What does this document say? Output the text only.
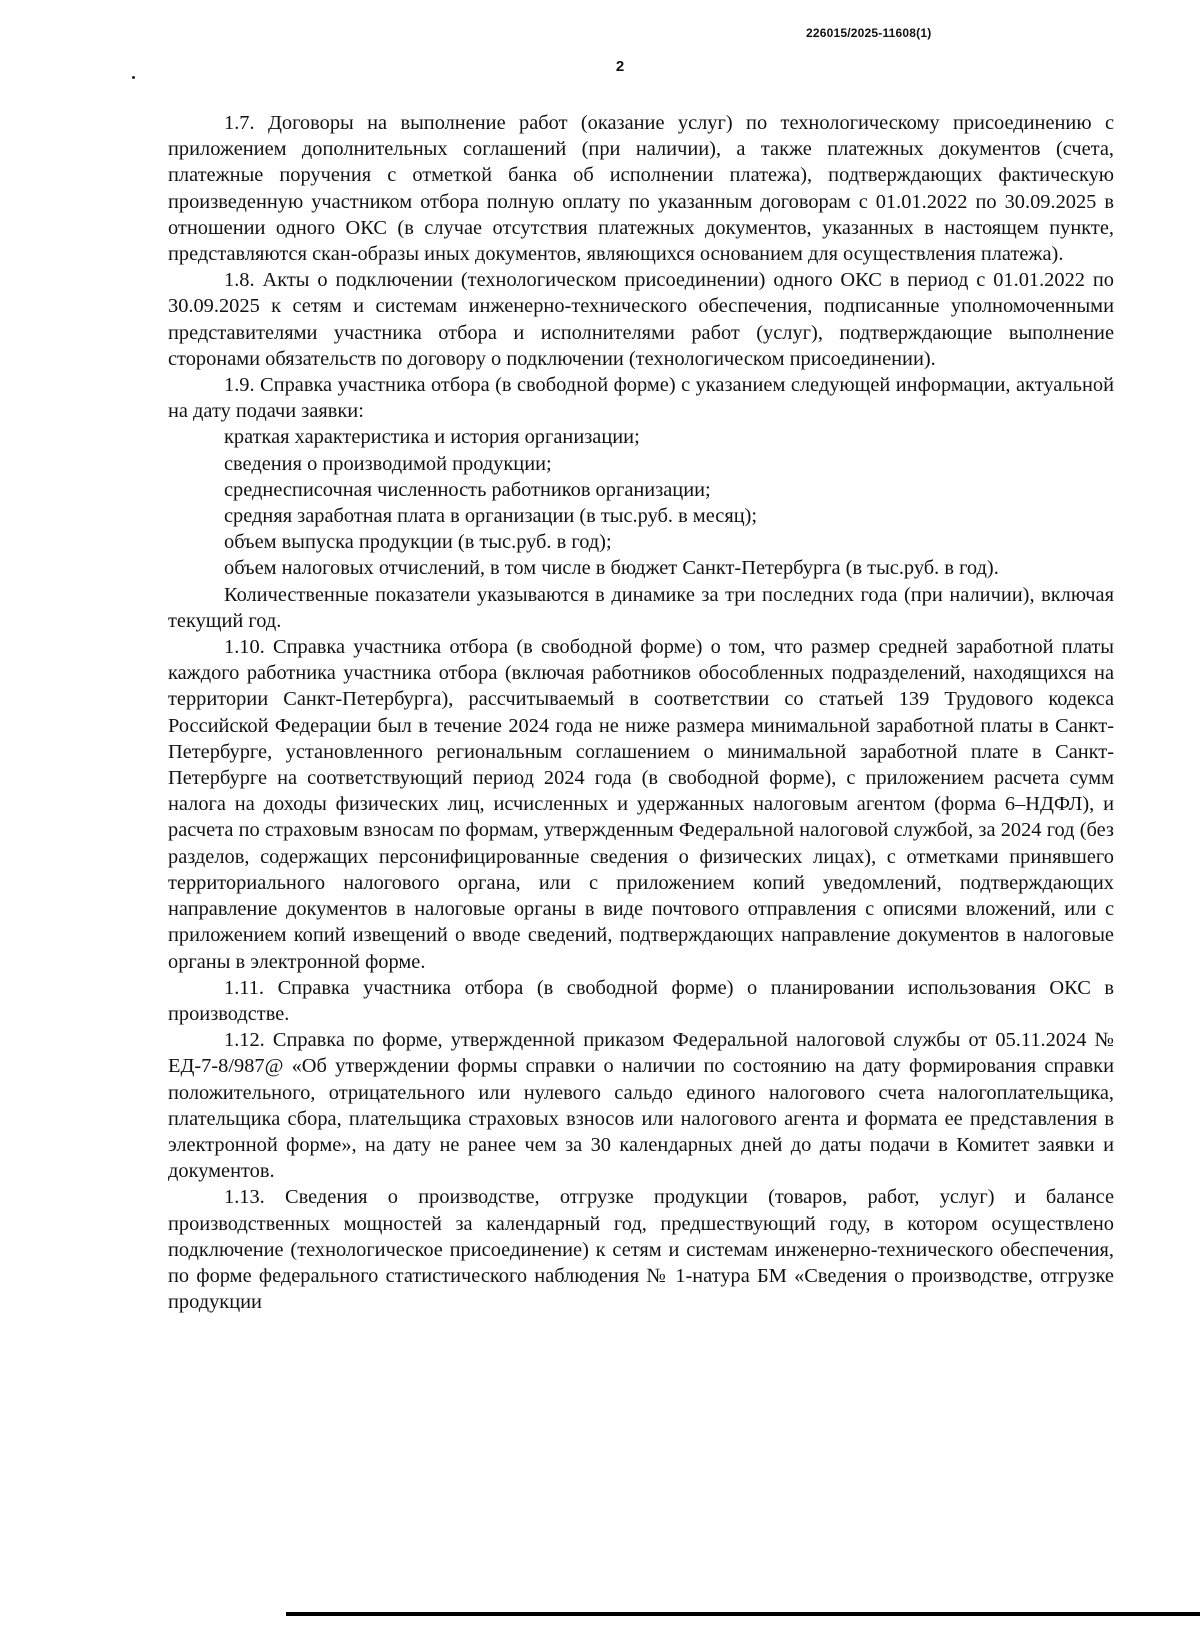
226015/2025-11608(1)
2

1.7. Договоры на выполнение работ (оказание услуг) по технологическому присоединению с приложением дополнительных соглашений (при наличии), а также платежных документов (счета, платежные поручения с отметкой банка об исполнении платежа), подтверждающих фактическую произведенную участником отбора полную оплату по указанным договорам с 01.01.2022 по 30.09.2025 в отношении одного ОКС (в случае отсутствия платежных документов, указанных в настоящем пункте, представляются скан-образы иных документов, являющихся основанием для осуществления платежа).

1.8. Акты о подключении (технологическом присоединении) одного ОКС в период с 01.01.2022 по 30.09.2025 к сетям и системам инженерно-технического обеспечения, подписанные уполномоченными представителями участника отбора и исполнителями работ (услуг), подтверждающие выполнение сторонами обязательств по договору о подключении (технологическом присоединении).

1.9. Справка участника отбора (в свободной форме) с указанием следующей информации, актуальной на дату подачи заявки:

краткая характеристика и история организации;

сведения о производимой продукции;

среднесписочная численность работников организации;

средняя заработная плата в организации (в тыс.руб. в месяц);

объем выпуска продукции (в тыс.руб. в год);

объем налоговых отчислений, в том числе в бюджет Санкт-Петербурга (в тыс.руб. в год).

Количественные показатели указываются в динамике за три последних года (при наличии), включая текущий год.

1.10. Справка участника отбора (в свободной форме) о том, что размер средней заработной платы каждого работника участника отбора (включая работников обособленных подразделений, находящихся на территории Санкт-Петербурга), рассчитываемый в соответствии со статьей 139 Трудового кодекса Российской Федерации был в течение 2024 года не ниже размера минимальной заработной платы в Санкт-Петербурге, установленного региональным соглашением о минимальной заработной плате в Санкт-Петербурге на соответствующий период 2024 года (в свободной форме), с приложением расчета сумм налога на доходы физических лиц, исчисленных и удержанных налоговым агентом (форма 6–НДФЛ), и расчета по страховым взносам по формам, утвержденным Федеральной налоговой службой, за 2024 год (без разделов, содержащих персонифицированные сведения о физических лицах), с отметками принявшего территориального налогового органа, или с приложением копий уведомлений, подтверждающих направление документов в налоговые органы в виде почтового отправления с описями вложений, или с приложением копий извещений о вводе сведений, подтверждающих направление документов в налоговые органы в электронной форме.

1.11. Справка участника отбора (в свободной форме) о планировании использования ОКС в производстве.

1.12. Справка по форме, утвержденной приказом Федеральной налоговой службы от 05.11.2024 № ЕД-7-8/987@ «Об утверждении формы справки о наличии по состоянию на дату формирования справки положительного, отрицательного или нулевого сальдо единого налогового счета налогоплательщика, плательщика сбора, плательщика страховых взносов или налогового агента и формата ее представления в электронной форме», на дату не ранее чем за 30 календарных дней до даты подачи в Комитет заявки и документов.

1.13. Сведения о производстве, отгрузке продукции (товаров, работ, услуг) и балансе производственных мощностей за календарный год, предшествующий году, в котором осуществлено подключение (технологическое присоединение) к сетям и системам инженерно-технического обеспечения, по форме федерального статистического наблюдения № 1-натура БМ «Сведения о производстве, отгрузке продукции
